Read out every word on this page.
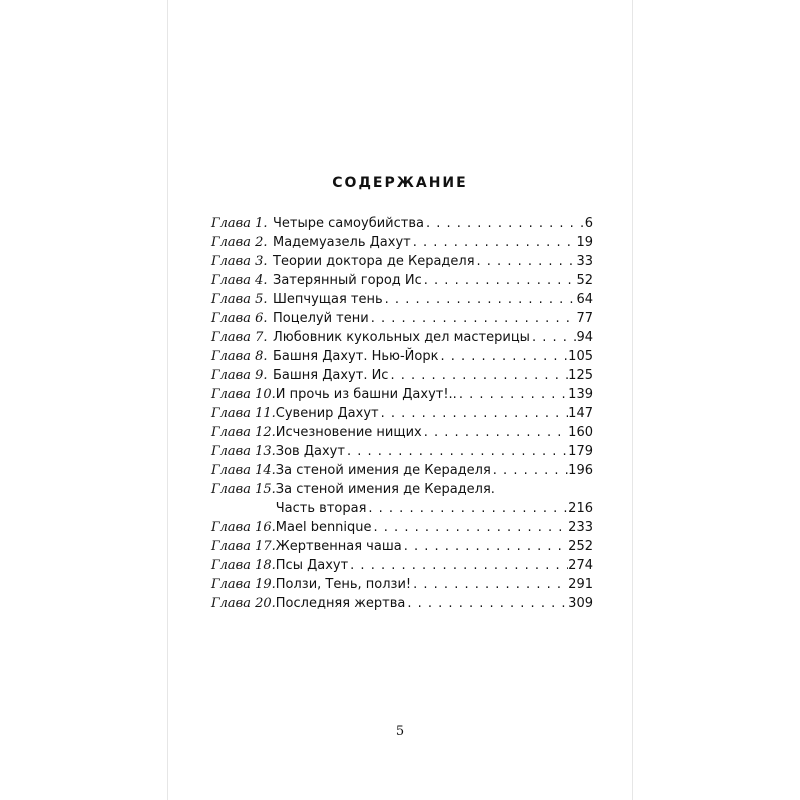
СОДЕРЖАНИЕ
Глава 1. Четыре самоубийства . . .	6
Глава 2. Мадемуазель Дахут . . .	19
Глава 3. Теории доктора де Кераделя . . .	33
Глава 4. Затерянный город Ис . . .	52
Глава 5. Шепчущая тень . . .	64
Глава 6. Поцелуй тени . . .	77
Глава 7. Любовник кукольных дел мастерицы . . .	94
Глава 8. Башня Дахут. Нью-Йорк . . .	105
Глава 9. Башня Дахут. Ис . . .	125
Глава 10. И прочь из башни Дахут!.. . . .	139
Глава 11. Сувенир Дахут . . .	147
Глава 12. Исчезновение нищих . . .	160
Глава 13. Зов Дахут . . .	179
Глава 14. За стеной имения де Кераделя . . .	196
Глава 15. За стеной имения де Кераделя.
Часть вторая . . .	216
Глава 16. Mael bennique . . .	233
Глава 17. Жертвенная чаша . . .	252
Глава 18. Псы Дахут . . .	274
Глава 19. Ползи, Тень, ползи! . . .	291
Глава 20. Последняя жертва . . .	309
5
